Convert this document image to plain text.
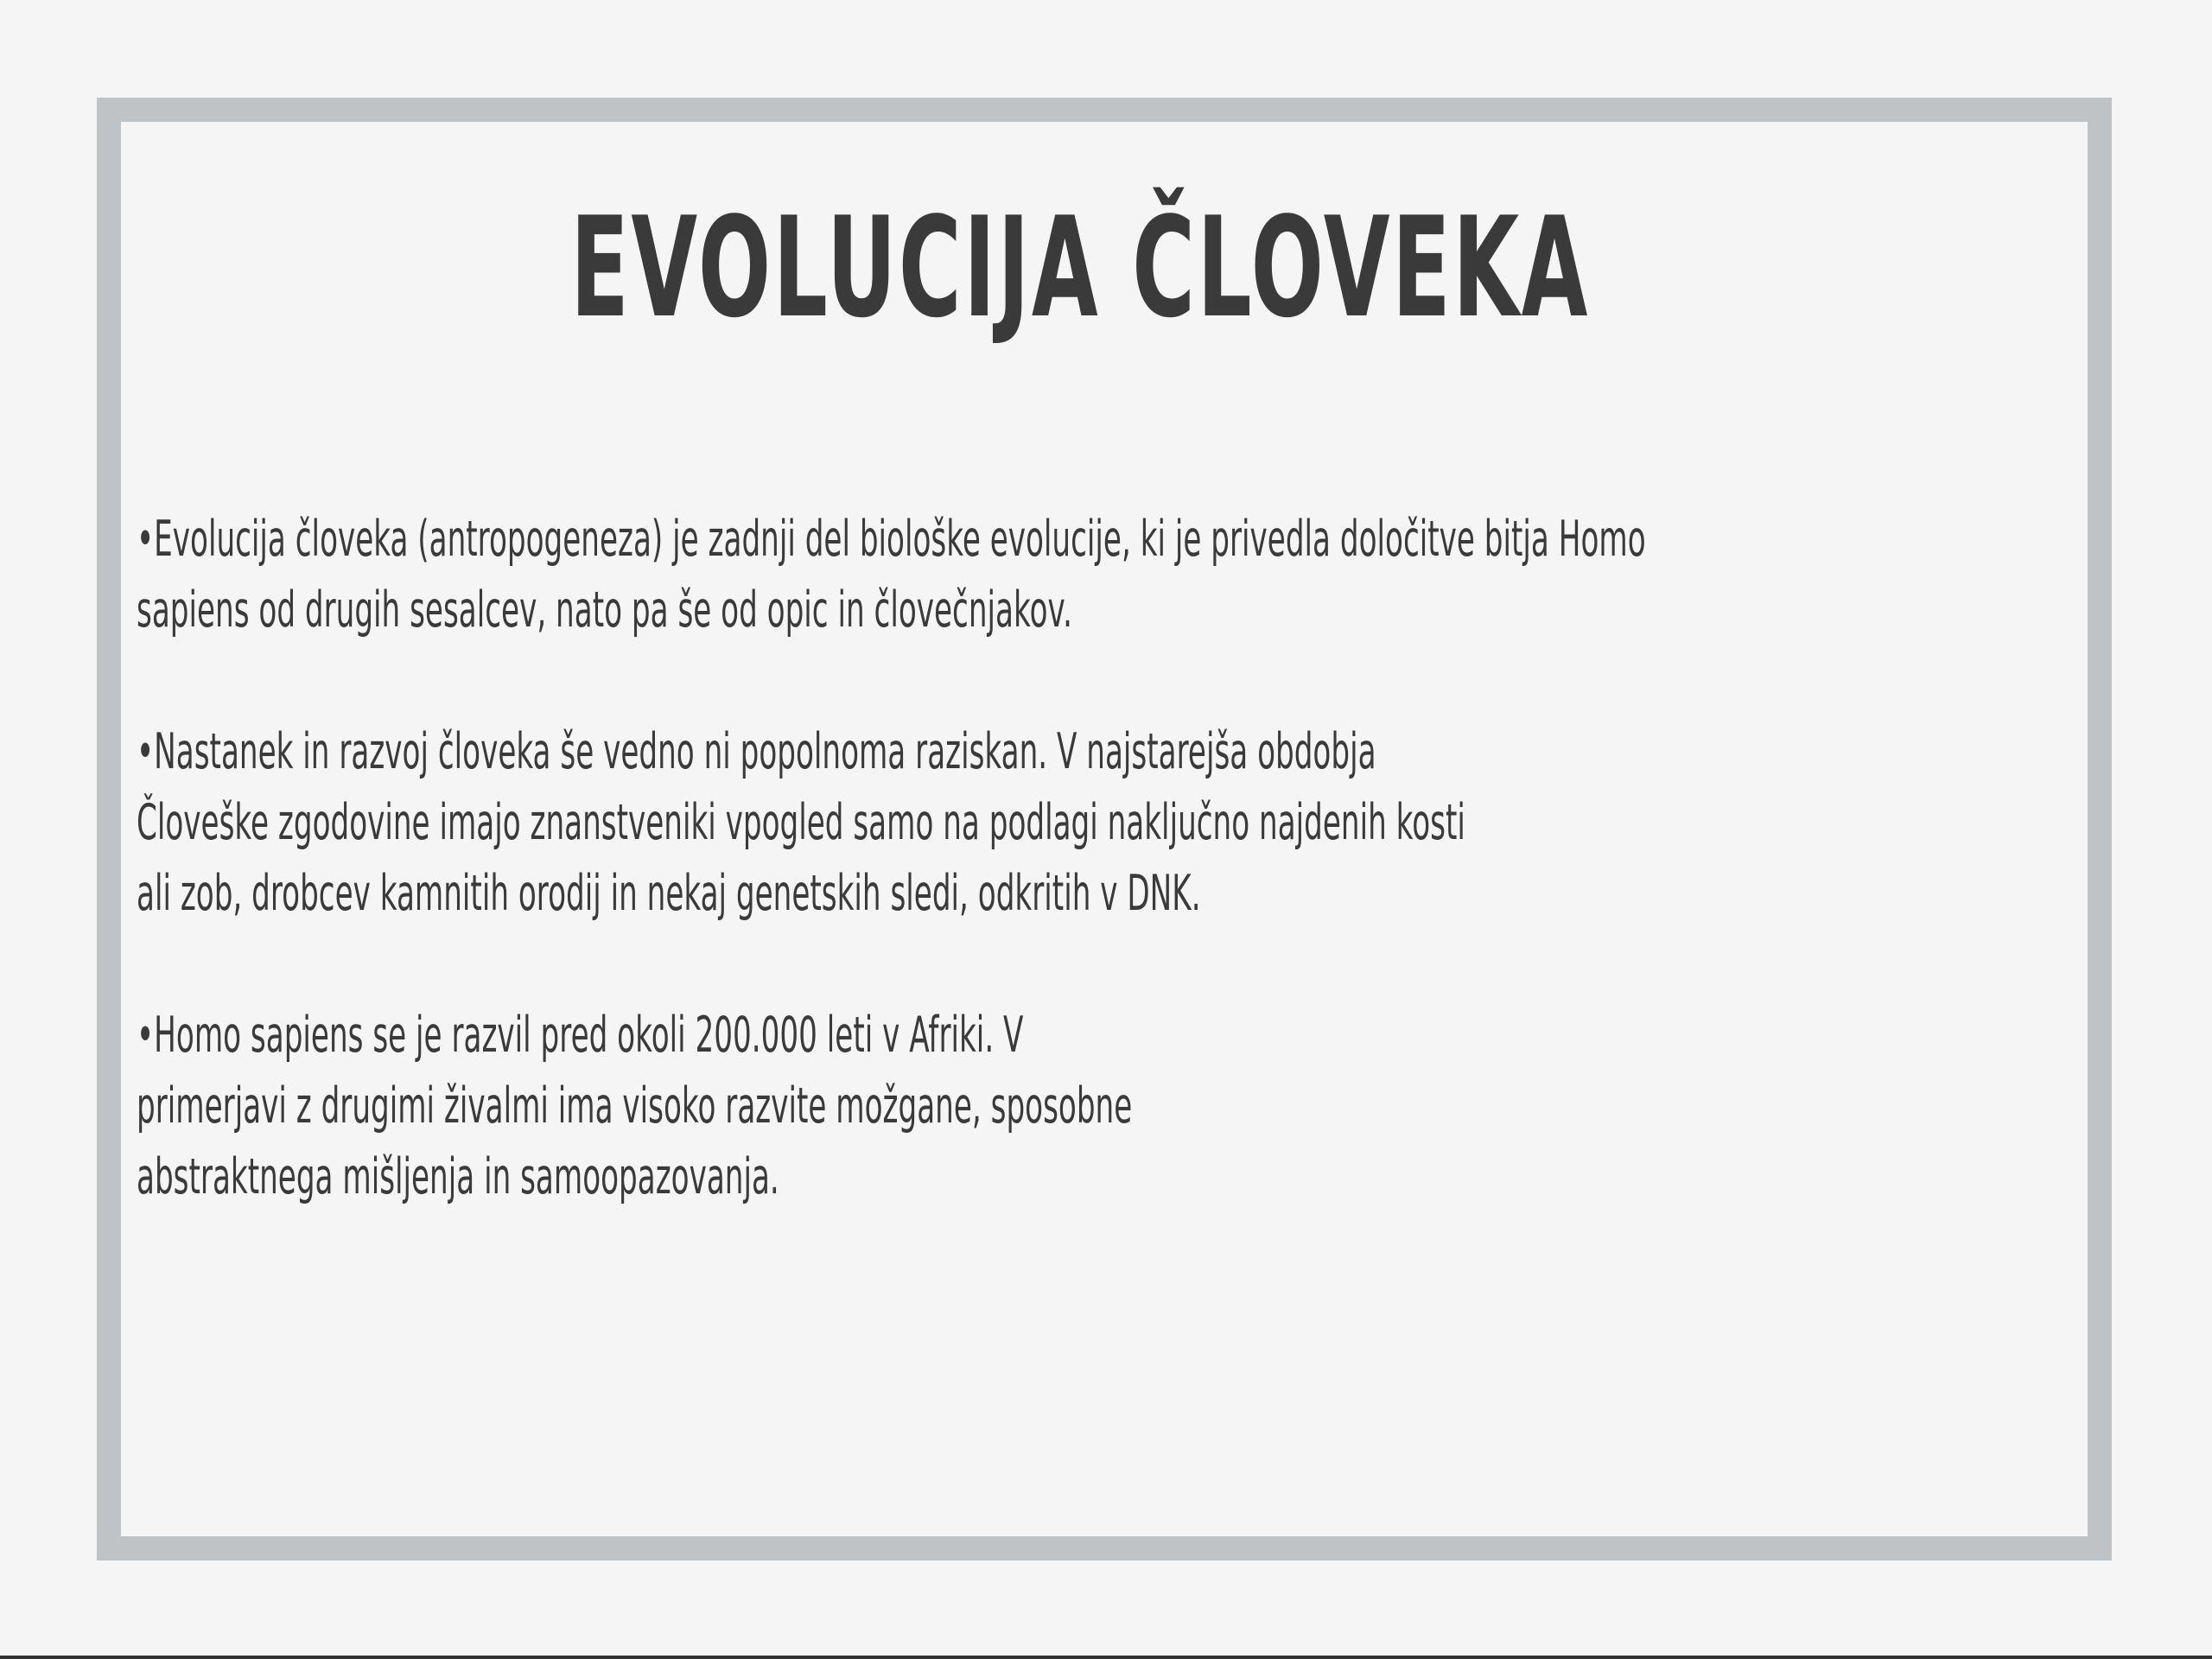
EVOLUCIJA ČLOVEKA

•Evolucija človeka (antropogeneza) je zadnji del biološke evolucije, ki je privedla določitve bitja Homo
sapiens od drugih sesalcev, nato pa še od opic in človečnjakov.

•Nastanek in razvoj človeka še vedno ni popolnoma raziskan. V najstarejša obdobja
Človeške zgodovine imajo znanstveniki vpogled samo na podlagi naključno najdenih kosti
ali zob, drobcev kamnitih orodij in nekaj genetskih sledi, odkritih v DNK.

•Homo sapiens se je razvil pred okoli 200.000 leti v Afriki. V
primerjavi z drugimi živalmi ima visoko razvite možgane, sposobne
abstraktnega mišljenja in samoopazovanja.
